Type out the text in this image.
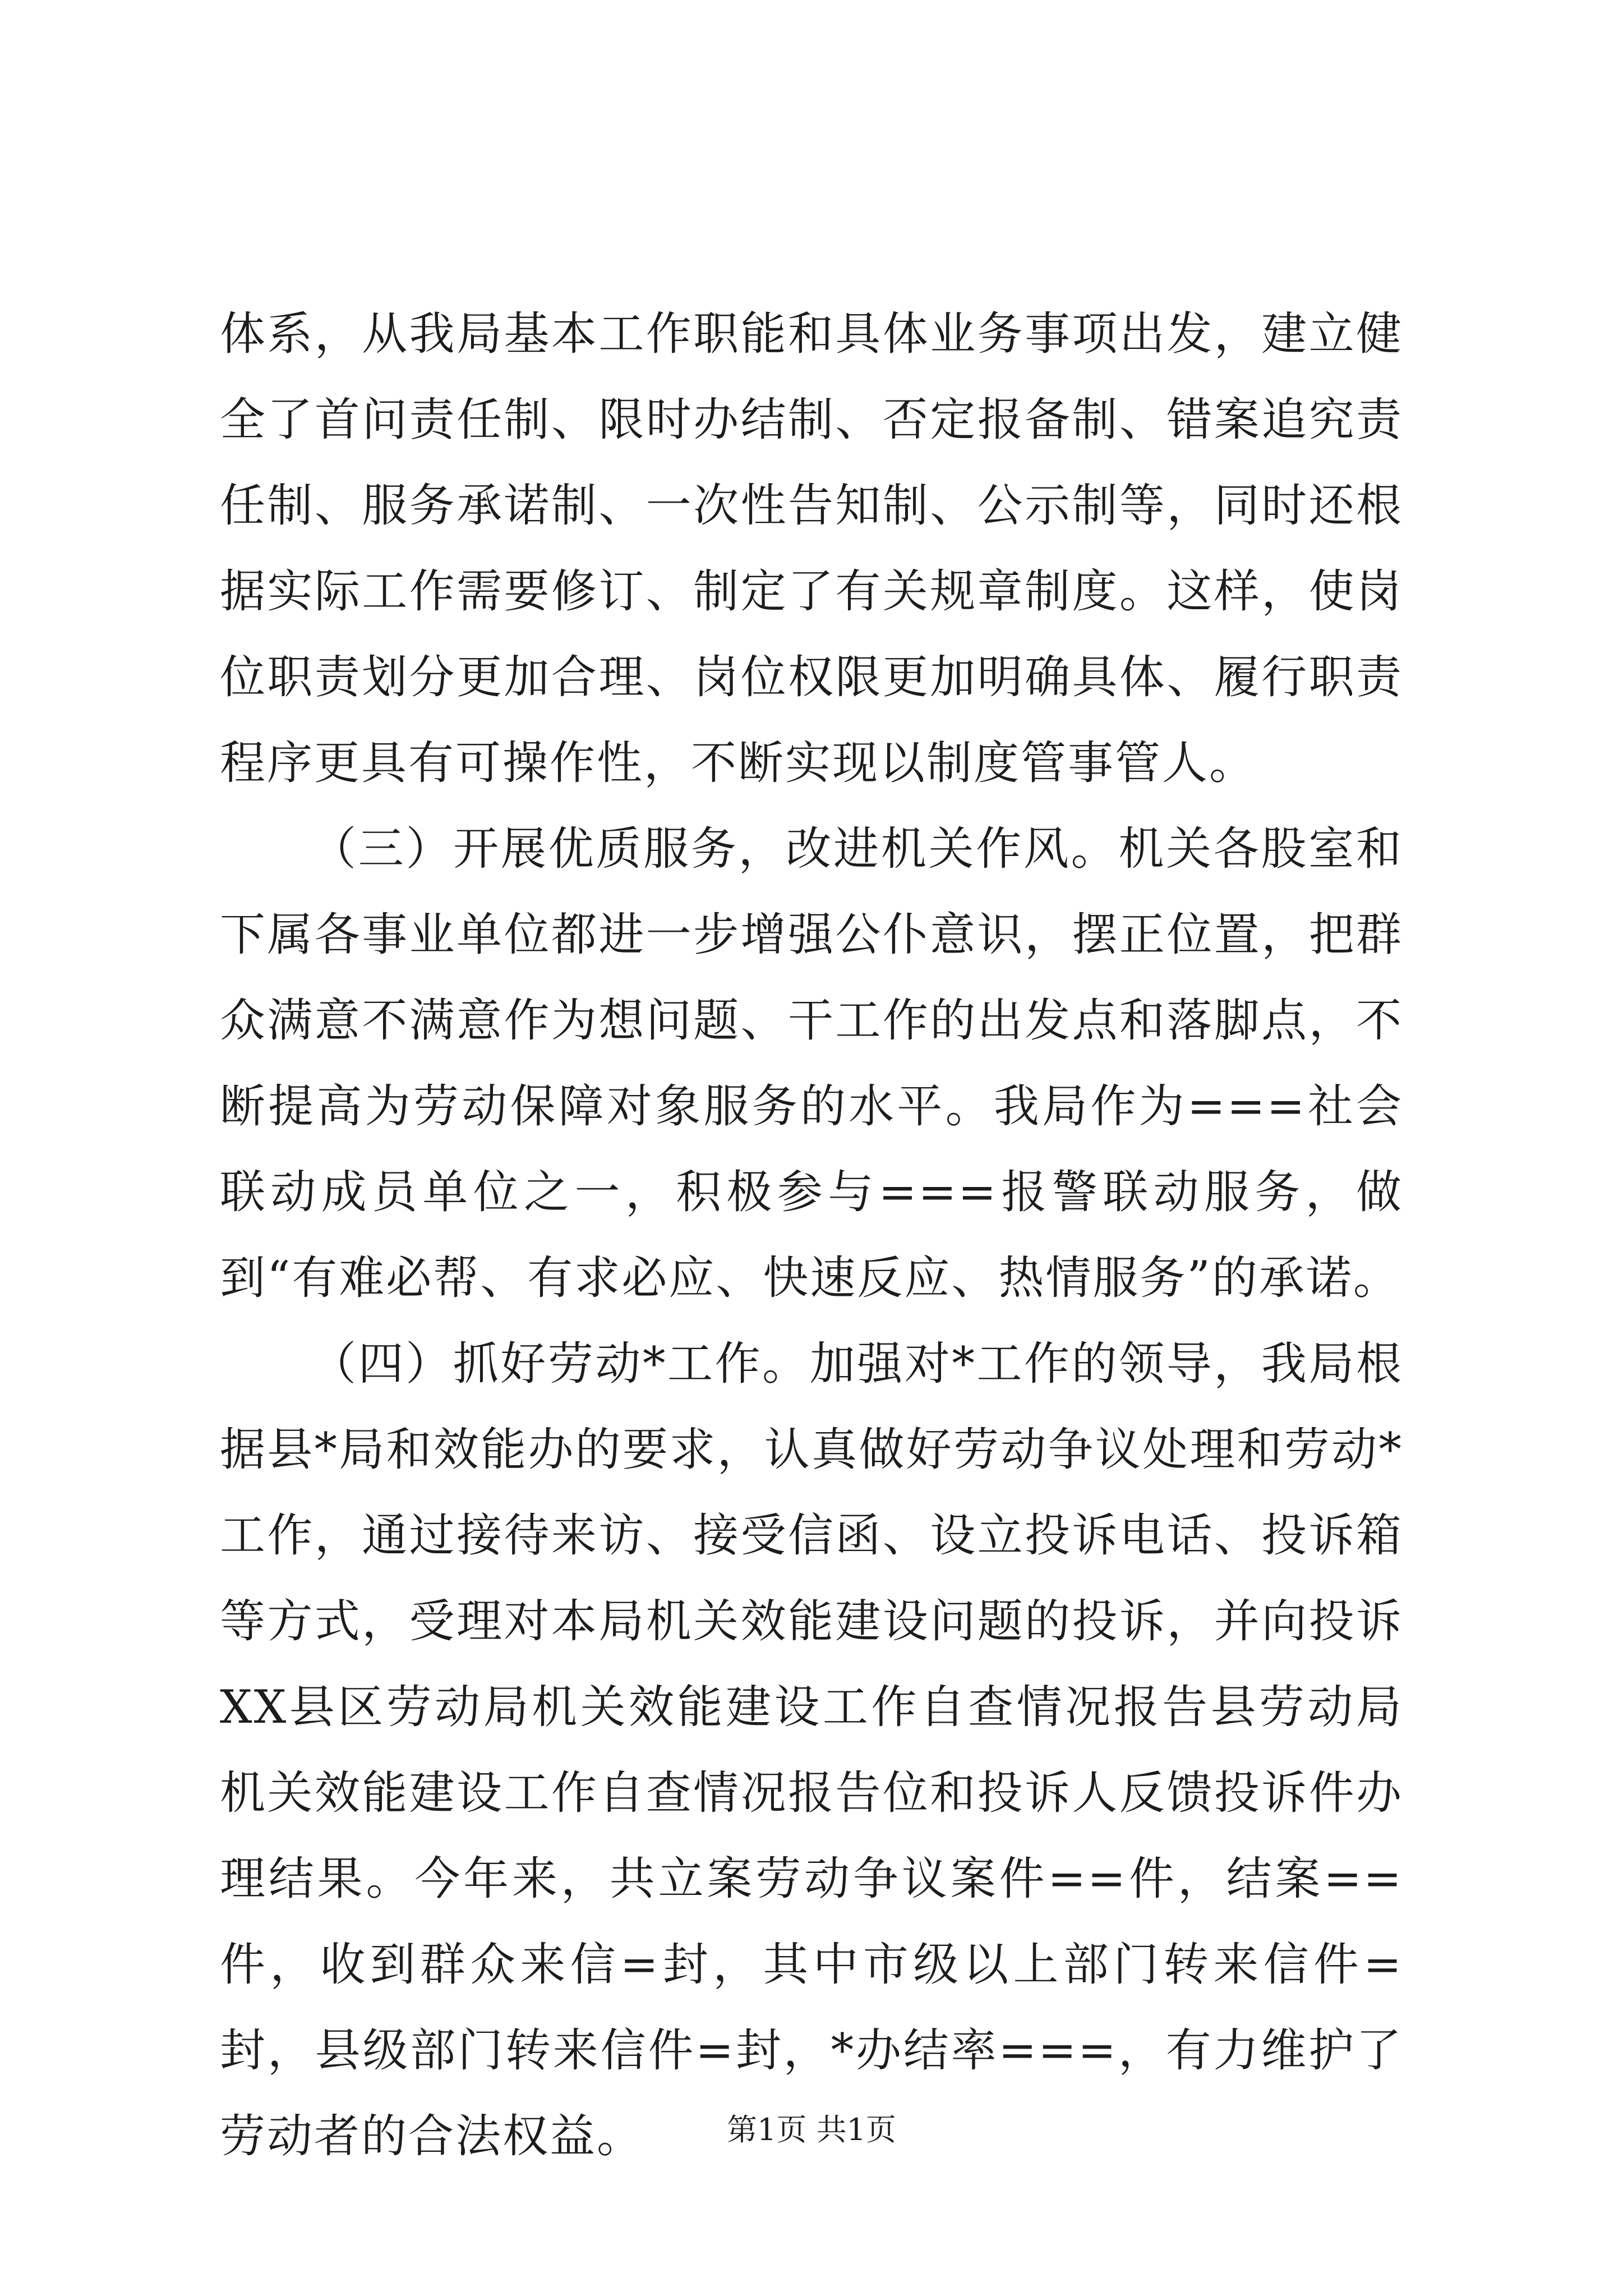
体系，从我局基本工作职能和具体业务事项出发，建立健全了首问责任制、限时办结制、否定报备制、错案追究责任制、服务承诺制、一次性告知制、公示制等，同时还根据实际工作需要修订、制定了有关规章制度。这样，使岗位职责划分更加合理、岗位权限更加明确具体、履行职责程序更具有可操作性，不断实现以制度管事管人。

（三）开展优质服务，改进机关作风。机关各股室和下属各事业单位都进一步增强公仆意识，摆正位置，把群众满意不满意作为想问题、干工作的出发点和落脚点，不断提高为劳动保障对象服务的水平。我局作为===社会联动成员单位之一，积极参与===报警联动服务，做到“有难必帮、有求必应、快速反应、热情服务”的承诺。

（四）抓好劳动*工作。加强对*工作的领导，我局根据县*局和效能办的要求，认真做好劳动争议处理和劳动*工作，通过接待来访、接受信函、设立投诉电话、投诉箱等方式，受理对本局机关效能建设问题的投诉，并向投诉XX县区劳动局机关效能建设工作自查情况报告县劳动局机关效能建设工作自查情况报告位和投诉人反馈投诉件办理结果。今年来，共立案劳动争议案件==件，结案==件，收到群众来信=封，其中市级以上部门转来信件=封，县级部门转来信件=封，*办结率===，有力维护了劳动者的合法权益。	第1页 共1页
